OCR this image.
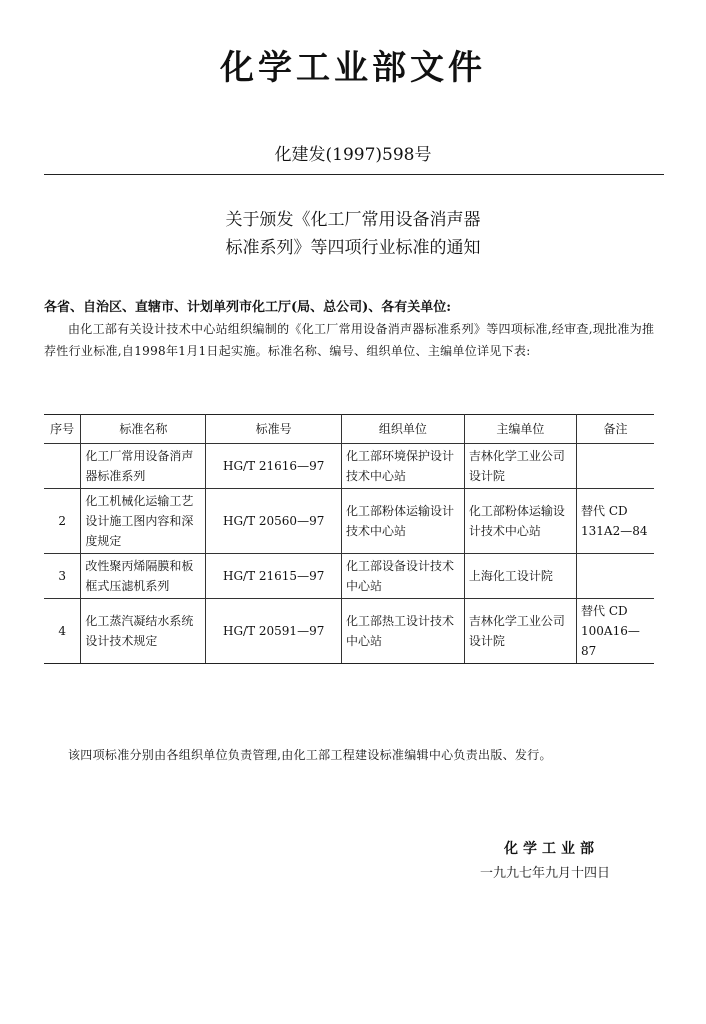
化学工业部文件
化建发(1997)598号
关于颁发《化工厂常用设备消声器
标准系列》等四项行业标准的通知
各省、自治区、直辖市、计划单列市化工厅(局、总公司)、各有关单位:
由化工部有关设计技术中心站组织编制的《化工厂常用设备消声器标准系列》等四项标准,经审查,现批准为推荐性行业标准,自1998年1月1日起实施。标准名称、编号、组织单位、主编单位详见下表:
序号	标准名称	标准号	组织单位	主编单位	备注
	化工厂常用设备消声器标准系列	HG/T 21616—97	化工部环境保护设计技术中心站	吉林化学工业公司设计院	
2	化工机械化运输工艺设计施工图内容和深度规定	HG/T 20560—97	化工部粉体运输设计技术中心站	化工部粉体运输设计技术中心站	替代 CD 131A2—84
3	改性聚丙烯隔膜和板框式压滤机系列	HG/T 21615—97	化工部设备设计技术中心站	上海化工设计院	
4	化工蒸汽凝结水系统设计技术规定	HG/T 20591—97	化工部热工设计技术中心站	吉林化学工业公司设计院	替代 CD 100A16—87
该四项标准分别由各组织单位负责管理,由化工部工程建设标准编辑中心负责出版、发行。
化学工业部
一九九七年九月十四日
